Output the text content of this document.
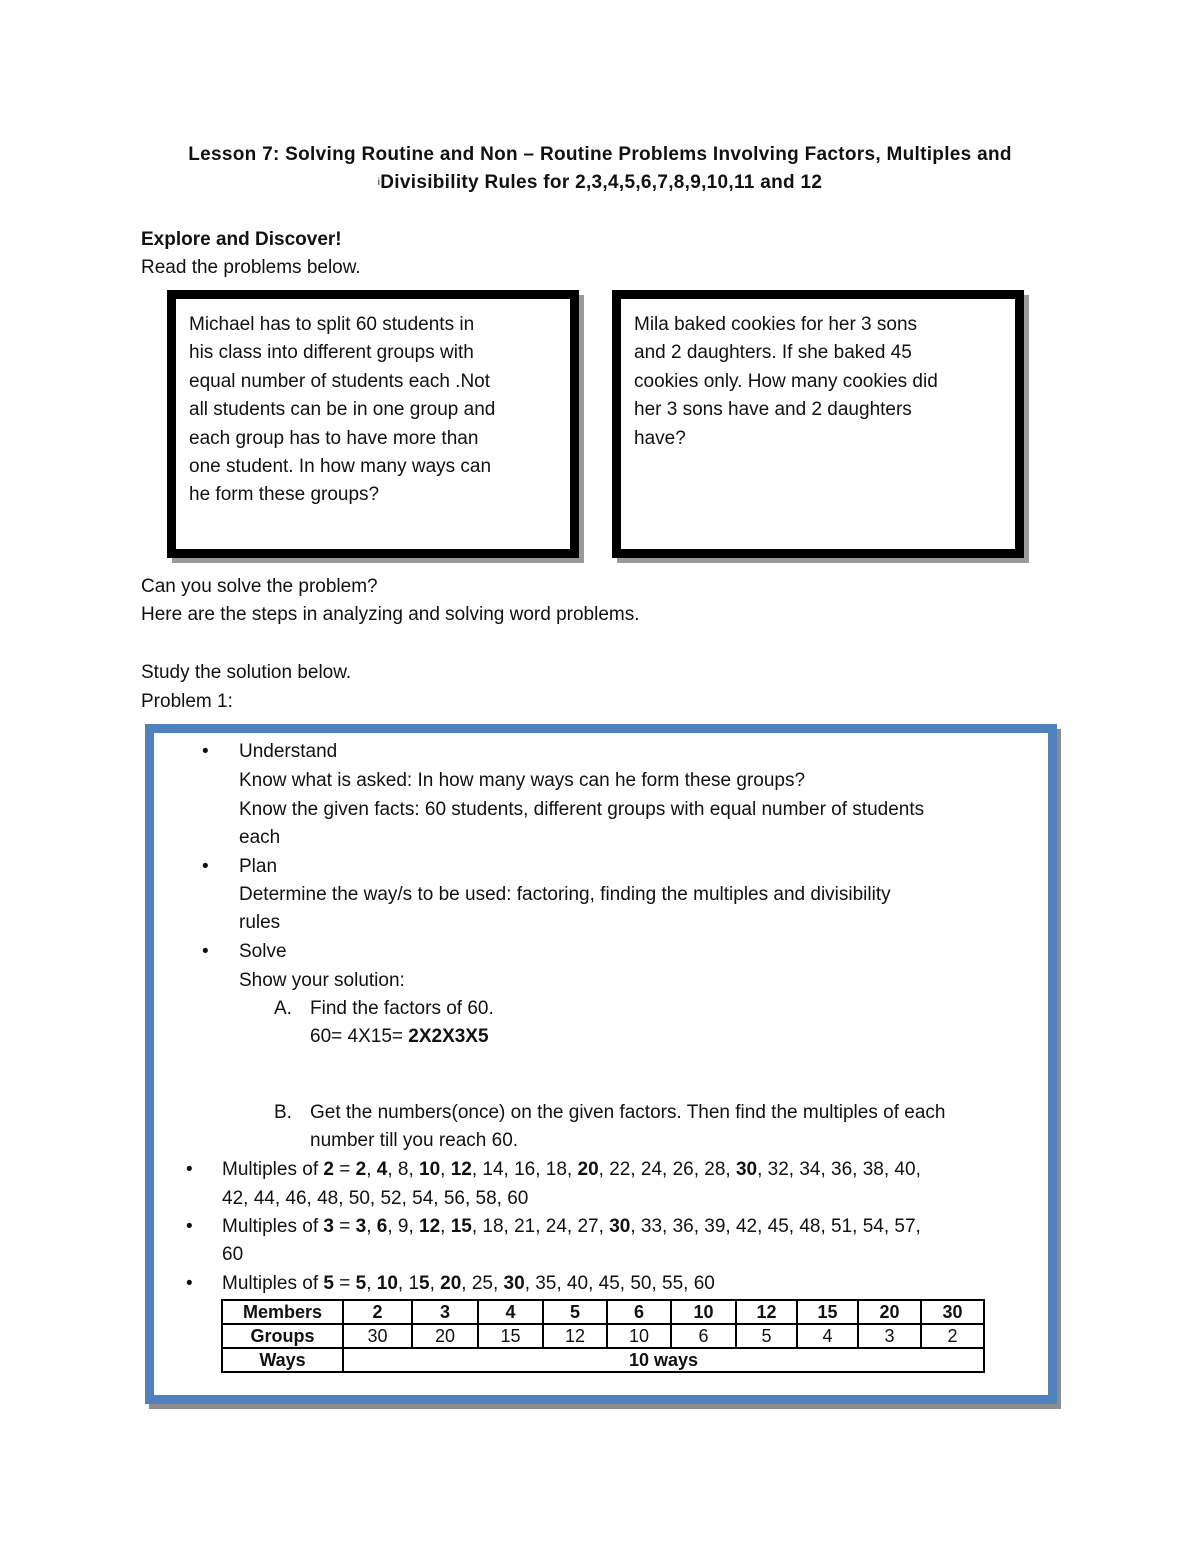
Lesson 7: Solving Routine and Non – Routine Problems Involving Factors, Multiples and
$^i$Divisibility Rules for 2,3,4,5,6,7,8,9,10,11 and 12
Explore and Discover!
Read the problems below.
Michael has to split 60 students in
his class into different groups with
equal number of students each .Not
all students can be in one group and
each group has to have more than
one student. In how many ways can
he form these groups?
Mila baked cookies for her 3 sons
and 2 daughters. If she baked 45
cookies only. How many cookies did
her 3 sons have and 2 daughters
have?
Can you solve the problem?
Here are the steps in analyzing and solving word problems.
Study the solution below.
Problem 1:
• Understand
Know what is asked: In how many ways can he form these groups?
Know the given facts: 60 students, different groups with equal number of students
each
• Plan
Determine the way/s to be used: factoring, finding the multiples and divisibility
rules
• Solve
Show your solution:
A. Find the factors of 60.
60= 4X15= 2X2X3X5
B. Get the numbers(once) on the given factors. Then find the multiples of each
number till you reach 60.
• Multiples of 2 = 2, 4, 8, 10, 12, 14, 16, 18, 20, 22, 24, 26, 28, 30, 32, 34, 36, 38, 40,
42, 44, 46, 48, 50, 52, 54, 56, 58, 60
• Multiples of 3 = 3, 6, 9, 12, 15, 18, 21, 24, 27, 30, 33, 36, 39, 42, 45, 48, 51, 54, 57,
60
• Multiples of 5 = 5, 10, 15, 20, 25, 30, 35, 40, 45, 50, 55, 60
Members	2	3	4	5	6	10	12	15	20	30
Groups	30	20	15	12	10	6	5	4	3	2
Ways	10 ways									
